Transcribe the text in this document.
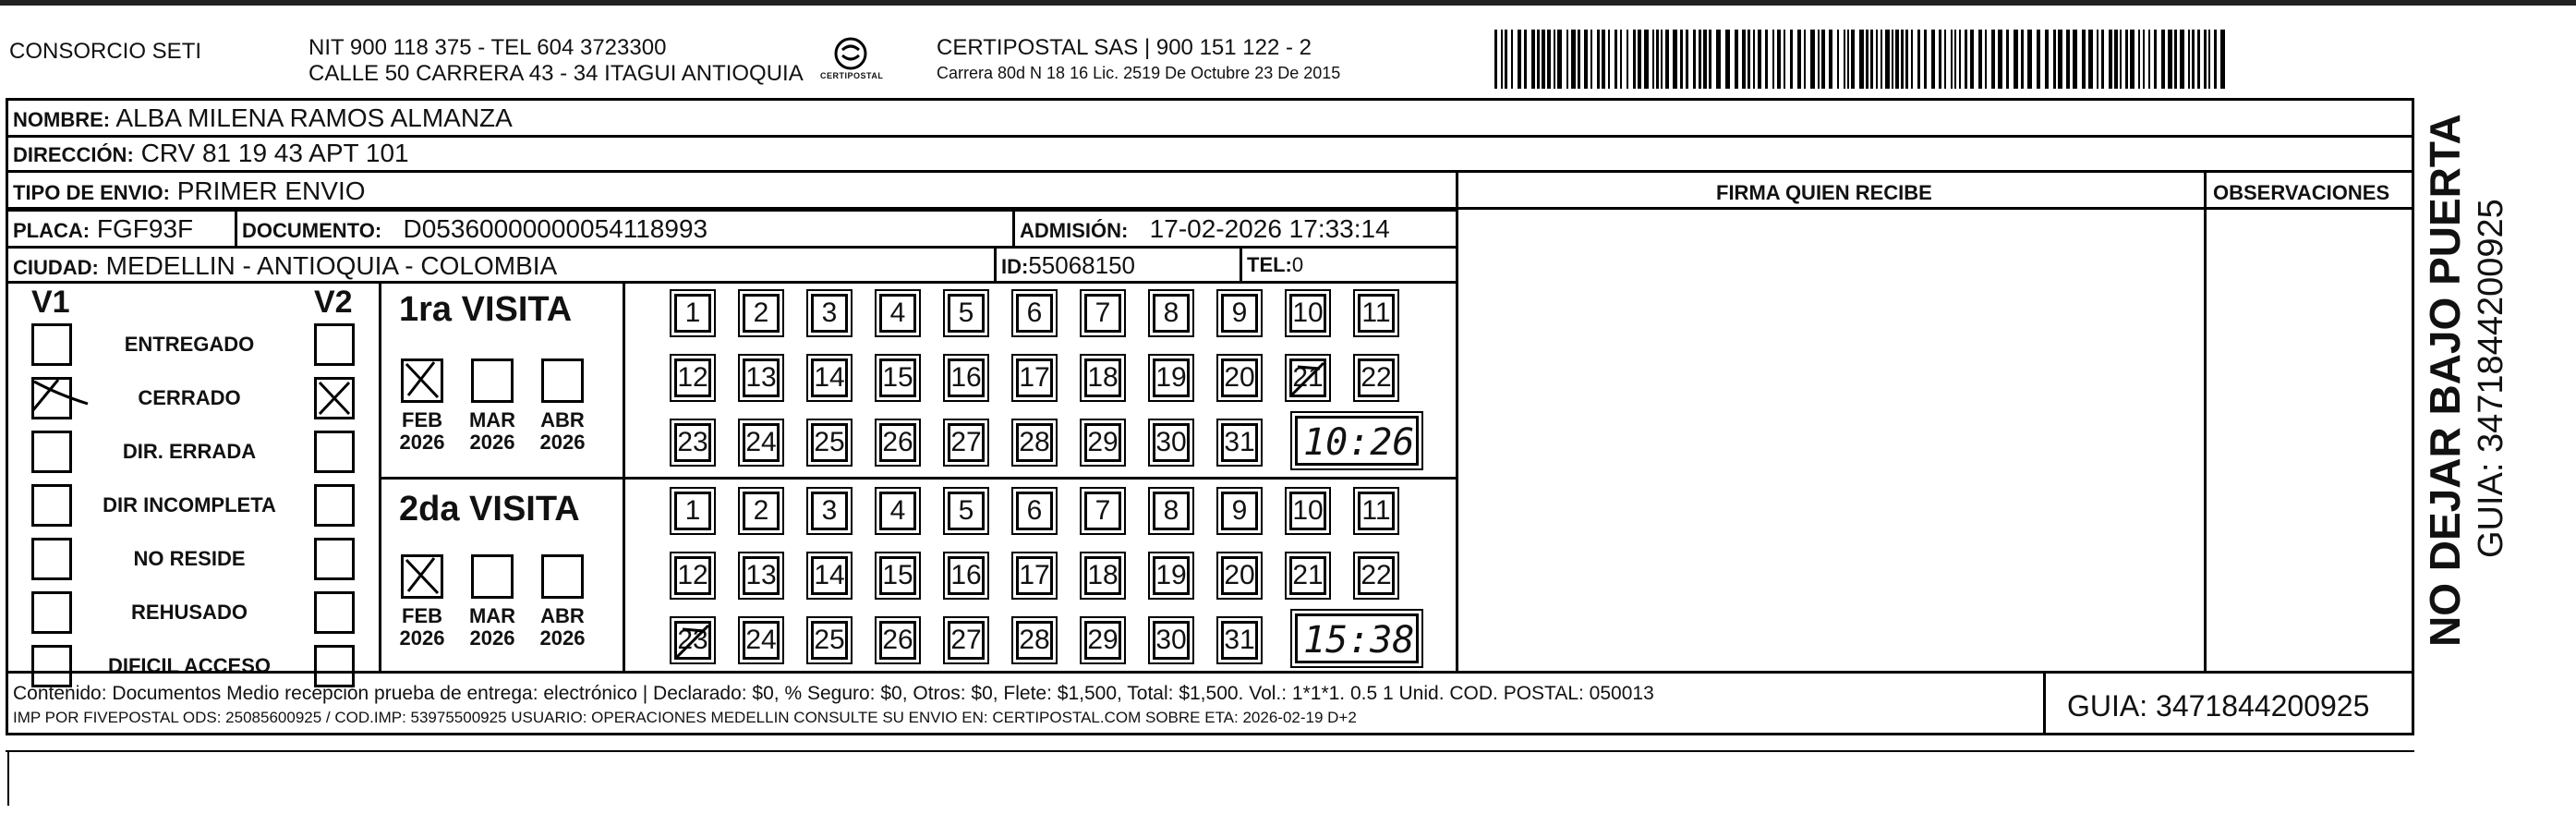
CONSORCIO SETI	NIT 900 118 375 - TEL 604 3723300
CALLE 50 CARRERA 43 - 34 ITAGUI ANTIOQUIA CERTIPOSTAL
CERTIPOSTAL SAS | 900 151 122 - 2
Carrera 80d N 18 16 Lic. 2519 De Octubre 23 De 2015
NOMBRE: ALBA MILENA RAMOS ALMANZA
DIRECCIÓN: CRV 81 19 43 APT 101
TIPO DE ENVIO: PRIMER ENVIO
PLACA: FGF93F DOCUMENTO: D05360000000054118993	ADMISIÓN: 17-02-2026 17:33:14
CIUDAD: MEDELLIN - ANTIOQUIA - COLOMBIA	ID:55068150	TEL:0
FIRMA QUIEN RECIBE	OBSERVACIONES
V1	V2
ENTREGADO
CERRADO
DIR. ERRADA
DIR INCOMPLETA
NO RESIDE
REHUSADO
DIFICIL ACCESO
1ra VISITA
2da VISITA
FEB
2026
MAR
2026
ABR
2026
FEB
2026
MAR
2026
ABR
2026
1 2 3 4 5 6 7 8 9 10 11
12 13 14 15 16 17 18 19 20 21 22
23 24 25 26 27 28 29 30 31
1 2 3 4 5 6 7 8 9 10 11
12 13 14 15 16 17 18 19 20 21 22
23 24 25 26 27 28 29 30 31
10:26
15:38
Contenido: Documentos Medio recepción prueba de entrega: electrónico | Declarado: $0, % Seguro: $0, Otros: $0, Flete: $1,500, Total: $1,500. Vol.: 1*1*1. 0.5 1 Unid. COD. POSTAL: 050013
IMP POR FIVEPOSTAL ODS: 25085600925 / COD.IMP: 53975500925 USUARIO: OPERACIONES MEDELLIN CONSULTE SU ENVIO EN: CERTIPOSTAL.COM SOBRE ETA: 2026-02-19 D+2	GUIA: 3471844200925
NO DEJAR BAJO PUERTA GUIA: 3471844200925
